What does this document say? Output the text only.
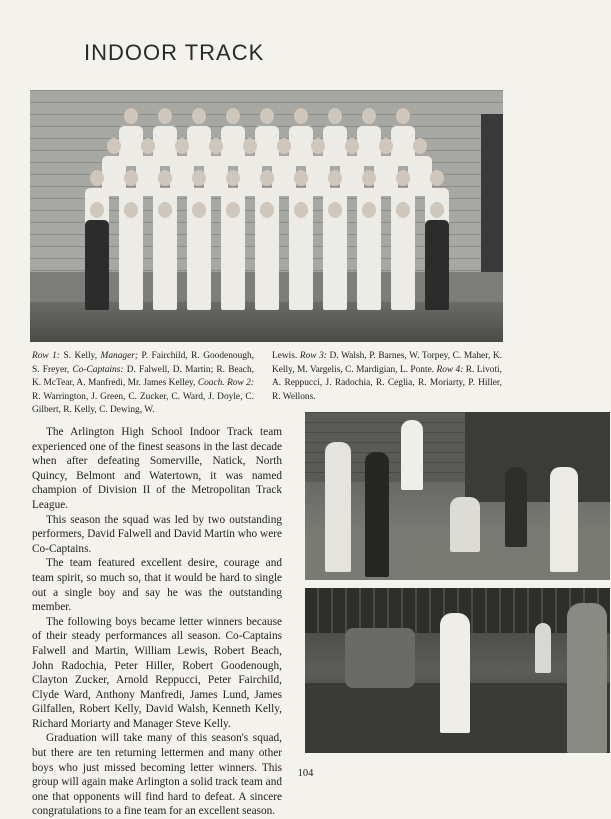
INDOOR TRACK

Row 1: S. Kelly, Manager; P. Fairchild, R. Goodenough, S. Freyer, Co-Captains: D. Falwell, D. Martin; R. Beach, K. McTear, A. Manfredi, Mr. James Kelley, Coach. Row 2: R. Warrington, J. Green, C. Zucker, C. Ward, J. Doyle, C. Gilbert, R. Kelly, C. Dewing, W.

Lewis. Row 3: D. Walsh, P. Barnes, W. Torpey, C. Maher, K. Kelly, M. Vargelis, C. Mardigian, L. Ponte. Row 4: R. Livoti, A. Reppucci, J. Radochia, R. Ceglia, R. Moriarty, P. Hiller, R. Wellons.

The Arlington High School Indoor Track team experienced one of the finest seasons in the last decade when after defeating Somerville, Natick, North Quincy, Belmont and Watertown, it was named champion of Division II of the Metropolitan Track League.

This season the squad was led by two outstanding performers, David Falwell and David Martin who were Co-Captains.

The team featured excellent desire, courage and team spirit, so much so, that it would be hard to single out a single boy and say he was the outstanding member.

The following boys became letter winners because of their steady performances all season. Co-Captains Falwell and Martin, William Lewis, Robert Beach, John Radochia, Peter Hiller, Robert Goodenough, Clayton Zucker, Arnold Reppucci, Peter Fairchild, Clyde Ward, Anthony Manfredi, James Lund, James Gilfallen, Robert Kelly, David Walsh, Kenneth Kelly, Richard Moriarty and Manager Steve Kelly.

Graduation will take many of this season's squad, but there are ten returning lettermen and many other boys who just missed becoming letter winners. This group will again make Arlington a solid track team and one that opponents will find hard to defeat. A sincere congratulations to a fine team for an excellent season.

104
